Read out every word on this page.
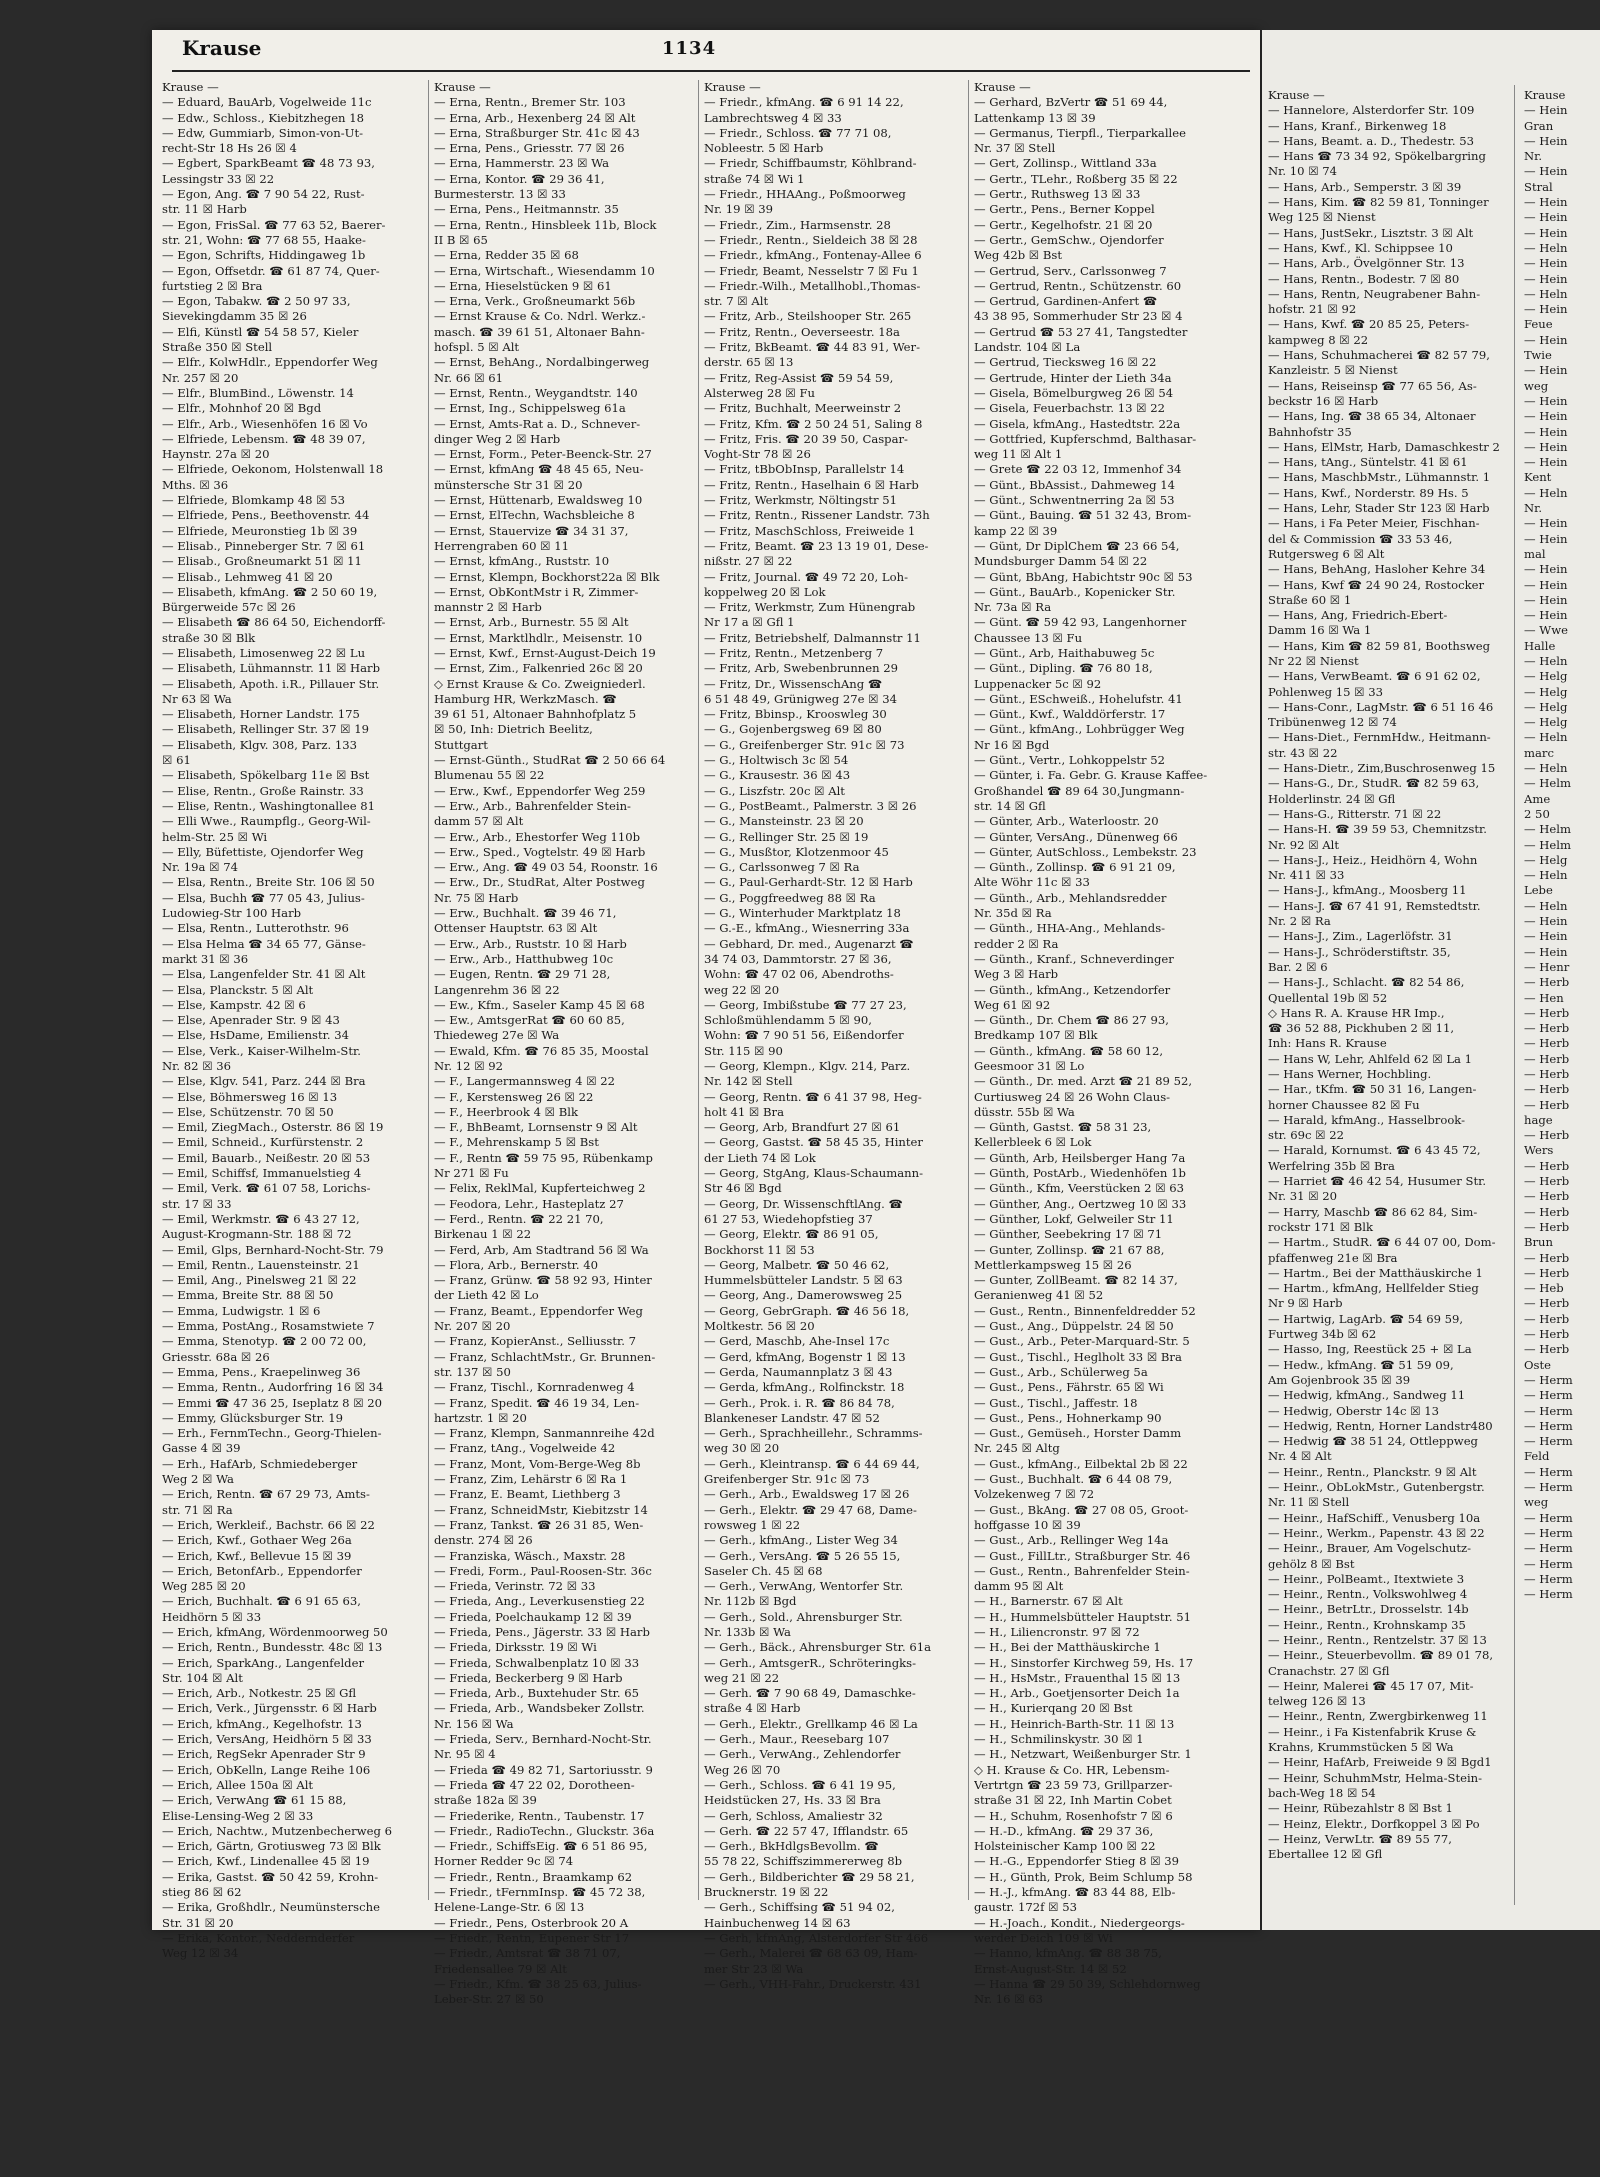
Krause	1134
Krause —
— Eduard, BauArb, Vogelweide 11c
— Edw., Schloss., Kiebitzhegen 18
— Edw, Gummiarb, Simon-von-Ut-
recht-Str 18 Hs 26 ☒ 4
— Egbert, SparkBeamt ☎ 48 73 93,
Lessingstr 33 ☒ 22
— Egon, Ang. ☎ 7 90 54 22, Rust-
str. 11 ☒ Harb
— Egon, FrisSal. ☎ 77 63 52, Baerer-
str. 21, Wohn: ☎ 77 68 55, Haake-
— Egon, Schrifts, Hiddingaweg 1b
— Egon, Offsetdr. ☎ 61 87 74, Quer-
furtstieg 2 ☒ Bra
— Egon, Tabakw. ☎ 2 50 97 33,
Sievekingdamm 35 ☒ 26
— Elfi, Künstl ☎ 54 58 57, Kieler
Straße 350 ☒ Stell
— Elfr., KolwHdlr., Eppendorfer Weg
Nr. 257 ☒ 20
— Elfr., BlumBind., Löwenstr. 14
— Elfr., Mohnhof 20 ☒ Bgd
— Elfr., Arb., Wiesenhöfen 16 ☒ Vo
— Elfriede, Lebensm. ☎ 48 39 07,
Haynstr. 27a ☒ 20
— Elfriede, Oekonom, Holstenwall 18
Mths. ☒ 36
— Elfriede, Blomkamp 48 ☒ 53
— Elfriede, Pens., Beethovenstr. 44
— Elfriede, Meuronstieg 1b ☒ 39
— Elisab., Pinneberger Str. 7 ☒ 61
— Elisab., Großneumarkt 51 ☒ 11
— Elisab., Lehmweg 41 ☒ 20
— Elisabeth, kfmAng. ☎ 2 50 60 19,
Bürgerweide 57c ☒ 26
— Elisabeth ☎ 86 64 50, Eichendorff-
straße 30 ☒ Blk
— Elisabeth, Limosenweg 22 ☒ Lu
— Elisabeth, Lühmannstr. 11 ☒ Harb
— Elisabeth, Apoth. i.R., Pillauer Str.
Nr 63 ☒ Wa
— Elisabeth, Horner Landstr. 175
— Elisabeth, Rellinger Str. 37 ☒ 19
— Elisabeth, Klgv. 308, Parz. 133
☒ 61
— Elisabeth, Spökelbarg 11e ☒ Bst
— Elise, Rentn., Große Rainstr. 33
— Elise, Rentn., Washingtonallee 81
— Elli Wwe., Raumpflg., Georg-Wil-
helm-Str. 25 ☒ Wi
— Elly, Büfettiste, Ojendorfer Weg
Nr. 19a ☒ 74
— Elsa, Rentn., Breite Str. 106 ☒ 50
— Elsa, Buchh ☎ 77 05 43, Julius-
Ludowieg-Str 100 Harb
— Elsa, Rentn., Lutterothstr. 96
— Elsa Helma ☎ 34 65 77, Gänse-
markt 31 ☒ 36
— Elsa, Langenfelder Str. 41 ☒ Alt
— Elsa, Planckstr. 5 ☒ Alt
— Else, Kampstr. 42 ☒ 6
— Else, Apenrader Str. 9 ☒ 43
— Else, HsDame, Emilienstr. 34
— Else, Verk., Kaiser-Wilhelm-Str.
Nr. 82 ☒ 36
— Else, Klgv. 541, Parz. 244 ☒ Bra
— Else, Böhmersweg 16 ☒ 13
— Else, Schützenstr. 70 ☒ 50
— Emil, ZiegMach., Osterstr. 86 ☒ 19
— Emil, Schneid., Kurfürstenstr. 2
— Emil, Bauarb., Neißestr. 20 ☒ 53
— Emil, Schiffsf, Immanuelstieg 4
— Emil, Verk. ☎ 61 07 58, Lorichs-
str. 17 ☒ 33
— Emil, Werkmstr. ☎ 6 43 27 12,
August-Krogmann-Str. 188 ☒ 72
— Emil, Glps, Bernhard-Nocht-Str. 79
— Emil, Rentn., Lauensteinstr. 21
— Emil, Ang., Pinelsweg 21 ☒ 22
— Emma, Breite Str. 88 ☒ 50
— Emma, Ludwigstr. 1 ☒ 6
— Emma, PostAng., Rosamstwiete 7
— Emma, Stenotyp. ☎ 2 00 72 00,
Griesstr. 68a ☒ 26
— Emma, Pens., Kraepelinweg 36
— Emma, Rentn., Audorfring 16 ☒ 34
— Emmi ☎ 47 36 25, Iseplatz 8 ☒ 20
— Emmy, Glücksburger Str. 19
— Erh., FernmTechn., Georg-Thielen-
Gasse 4 ☒ 39
— Erh., HafArb, Schmiedeberger
Weg 2 ☒ Wa
— Erich, Rentn. ☎ 67 29 73, Amts-
str. 71 ☒ Ra
— Erich, Werkleif., Bachstr. 66 ☒ 22
— Erich, Kwf., Gothaer Weg 26a
— Erich, Kwf., Bellevue 15 ☒ 39
— Erich, BetonfArb., Eppendorfer
Weg 285 ☒ 20
— Erich, Buchhalt. ☎ 6 91 65 63,
Heidhörn 5 ☒ 33
— Erich, kfmAng, Wördenmoorweg 50
— Erich, Rentn., Bundesstr. 48c ☒ 13
— Erich, SparkAng., Langenfelder
Str. 104 ☒ Alt
— Erich, Arb., Notkestr. 25 ☒ Gfl
— Erich, Verk., Jürgensstr. 6 ☒ Harb
— Erich, kfmAng., Kegelhofstr. 13
— Erich, VersAng, Heidhörn 5 ☒ 33
— Erich, RegSekr Apenrader Str 9
— Erich, ObKelln, Lange Reihe 106
— Erich, Allee 150a ☒ Alt
— Erich, VerwAng ☎ 61 15 88,
Elise-Lensing-Weg 2 ☒ 33
— Erich, Nachtw., Mutzenbecherweg 6
— Erich, Gärtn, Grotiusweg 73 ☒ Blk
— Erich, Kwf., Lindenallee 45 ☒ 19
— Erika, Gastst. ☎ 50 42 59, Krohn-
stieg 86 ☒ 62
— Erika, Großhdlr., Neumünstersche
Str. 31 ☒ 20
— Erika, Kontor., Neddernderfer
Weg 12 ☒ 34
Krause —
— Erna, Rentn., Bremer Str. 103
— Erna, Arb., Hexenberg 24 ☒ Alt
— Erna, Straßburger Str. 41c ☒ 43
— Erna, Pens., Griesstr. 77 ☒ 26
— Erna, Hammerstr. 23 ☒ Wa
— Erna, Kontor. ☎ 29 36 41,
Burmesterstr. 13 ☒ 33
— Erna, Pens., Heitmannstr. 35
— Erna, Rentn., Hinsbleek 11b, Block
II B ☒ 65
— Erna, Redder 35 ☒ 68
— Erna, Wirtschaft., Wiesendamm 10
— Erna, Hieselstücken 9 ☒ 61
— Erna, Verk., Großneumarkt 56b
— Ernst Krause & Co. Ndrl. Werkz.-
masch. ☎ 39 61 51, Altonaer Bahn-
hofspl. 5 ☒ Alt
— Ernst, BehAng., Nordalbingerweg
Nr. 66 ☒ 61
— Ernst, Rentn., Weygandtstr. 140
— Ernst, Ing., Schippelsweg 61a
— Ernst, Amts-Rat a. D., Schnever-
dinger Weg 2 ☒ Harb
— Ernst, Form., Peter-Beenck-Str. 27
— Ernst, kfmAng ☎ 48 45 65, Neu-
münstersche Str 31 ☒ 20
— Ernst, Hüttenarb, Ewaldsweg 10
— Ernst, ElTechn, Wachsbleiche 8
— Ernst, Stauervize ☎ 34 31 37,
Herrengraben 60 ☒ 11
— Ernst, kfmAng., Ruststr. 10
— Ernst, Klempn, Bockhorst22a ☒ Blk
— Ernst, ObKontMstr i R, Zimmer-
mannstr 2 ☒ Harb
— Ernst, Arb., Burnestr. 55 ☒ Alt
— Ernst, Marktlhdlr., Meisenstr. 10
— Ernst, Kwf., Ernst-August-Deich 19
— Ernst, Zim., Falkenried 26c ☒ 20
◇ Ernst Krause & Co. Zweigniederl.
Hamburg HR, WerkzMasch. ☎
39 61 51, Altonaer Bahnhofplatz 5
☒ 50, Inh: Dietrich Beelitz,
Stuttgart
— Ernst-Günth., StudRat ☎ 2 50 66 64
Blumenau 55 ☒ 22
— Erw., Kwf., Eppendorfer Weg 259
— Erw., Arb., Bahrenfelder Stein-
damm 57 ☒ Alt
— Erw., Arb., Ehestorfer Weg 110b
— Erw., Sped., Vogtelstr. 49 ☒ Harb
— Erw., Ang. ☎ 49 03 54, Roonstr. 16
— Erw., Dr., StudRat, Alter Postweg
Nr. 75 ☒ Harb
— Erw., Buchhalt. ☎ 39 46 71,
Ottenser Hauptstr. 63 ☒ Alt
— Erw., Arb., Ruststr. 10 ☒ Harb
— Erw., Arb., Hatthubweg 10c
— Eugen, Rentn. ☎ 29 71 28,
Langenrehm 36 ☒ 22
— Ew., Kfm., Saseler Kamp 45 ☒ 68
— Ew., AmtsgerRat ☎ 60 60 85,
Thiedeweg 27e ☒ Wa
— Ewald, Kfm. ☎ 76 85 35, Moostal
Nr. 12 ☒ 92
— F., Langermannsweg 4 ☒ 22
— F., Kerstensweg 26 ☒ 22
— F., Heerbrook 4 ☒ Blk
— F., BhBeamt, Lornsenstr 9 ☒ Alt
— F., Mehrenskamp 5 ☒ Bst
— F., Rentn ☎ 59 75 95, Rübenkamp
Nr 271 ☒ Fu
— Felix, ReklMal, Kupferteichweg 2
— Feodora, Lehr., Hasteplatz 27
— Ferd., Rentn. ☎ 22 21 70,
Birkenau 1 ☒ 22
— Ferd, Arb, Am Stadtrand 56 ☒ Wa
— Flora, Arb., Bernerstr. 40
— Franz, Grünw. ☎ 58 92 93, Hinter
der Lieth 42 ☒ Lo
— Franz, Beamt., Eppendorfer Weg
Nr. 207 ☒ 20
— Franz, KopierAnst., Selliusstr. 7
— Franz, SchlachtMstr., Gr. Brunnen-
str. 137 ☒ 50
— Franz, Tischl., Kornradenweg 4
— Franz, Spedit. ☎ 46 19 34, Len-
hartzstr. 1 ☒ 20
— Franz, Klempn, Sanmannreihe 42d
— Franz, tAng., Vogelweide 42
— Franz, Mont, Vom-Berge-Weg 8b
— Franz, Zim, Lehärstr 6 ☒ Ra 1
— Franz, E. Beamt, Liethberg 3
— Franz, SchneidMstr, Kiebitzstr 14
— Franz, Tankst. ☎ 26 31 85, Wen-
denstr. 274 ☒ 26
— Franziska, Wäsch., Maxstr. 28
— Fredi, Form., Paul-Roosen-Str. 36c
— Frieda, Verinstr. 72 ☒ 33
— Frieda, Ang., Leverkusenstieg 22
— Frieda, Poelchaukamp 12 ☒ 39
— Frieda, Pens., Jägerstr. 33 ☒ Harb
— Frieda, Dirksstr. 19 ☒ Wi
— Frieda, Schwalbenplatz 10 ☒ 33
— Frieda, Beckerberg 9 ☒ Harb
— Frieda, Arb., Buxtehuder Str. 65
— Frieda, Arb., Wandsbeker Zollstr.
Nr. 156 ☒ Wa
— Frieda, Serv., Bernhard-Nocht-Str.
Nr. 95 ☒ 4
— Frieda ☎ 49 82 71, Sartoriusstr. 9
— Frieda ☎ 47 22 02, Dorotheen-
straße 182a ☒ 39
— Friederike, Rentn., Taubenstr. 17
— Friedr., RadioTechn., Gluckstr. 36a
— Friedr., SchiffsEig. ☎ 6 51 86 95,
Horner Redder 9c ☒ 74
— Friedr., Rentn., Braamkamp 62
— Friedr., tFernmInsp. ☎ 45 72 38,
Helene-Lange-Str. 6 ☒ 13
— Friedr., Pens, Osterbrook 20 A
— Friedr., Rentn, Eupener Str 17
— Friedr., Amtsrat ☎ 38 71 07,
Friedensallee 79 ☒ Alt
— Friedr., Kfm. ☎ 38 25 63, Julius-
Leber-Str. 27 ☒ 50
Krause —
— Friedr., kfmAng. ☎ 6 91 14 22,
Lambrechtsweg 4 ☒ 33
— Friedr., Schloss. ☎ 77 71 08,
Nobleestr. 5 ☒ Harb
— Friedr, Schiffbaumstr, Köhlbrand-
straße 74 ☒ Wi 1
— Friedr., HHAAng., Poßmoorweg
Nr. 19 ☒ 39
— Friedr., Zim., Harmsenstr. 28
— Friedr., Rentn., Sieldeich 38 ☒ 28
— Friedr., kfmAng., Fontenay-Allee 6
— Friedr, Beamt, Nesselstr 7 ☒ Fu 1
— Friedr.-Wilh., Metallhobl.,Thomas-
str. 7 ☒ Alt
— Fritz, Arb., Steilshooper Str. 265
— Fritz, Rentn., Oeverseestr. 18a
— Fritz, BkBeamt. ☎ 44 83 91, Wer-
derstr. 65 ☒ 13
— Fritz, Reg-Assist ☎ 59 54 59,
Alsterweg 28 ☒ Fu
— Fritz, Buchhalt, Meerweinstr 2
— Fritz, Kfm. ☎ 2 50 24 51, Saling 8
— Fritz, Fris. ☎ 20 39 50, Caspar-
Voght-Str 78 ☒ 26
— Fritz, tBbObInsp, Parallelstr 14
— Fritz, Rentn., Haselhain 6 ☒ Harb
— Fritz, Werkmstr, Nöltingstr 51
— Fritz, Rentn., Rissener Landstr. 73h
— Fritz, MaschSchloss, Freiweide 1
— Fritz, Beamt. ☎ 23 13 19 01, Dese-
nißstr. 27 ☒ 22
— Fritz, Journal. ☎ 49 72 20, Loh-
koppelweg 20 ☒ Lok
— Fritz, Werkmstr, Zum Hünengrab
Nr 17 a ☒ Gfl 1
— Fritz, Betriebshelf, Dalmannstr 11
— Fritz, Rentn., Metzenberg 7
— Fritz, Arb, Swebenbrunnen 29
— Fritz, Dr., WissenschAng ☎
6 51 48 49, Grünigweg 27e ☒ 34
— Fritz, Bbinsp., Krooswleg 30
— G., Gojenbergsweg 69 ☒ 80
— G., Greifenberger Str. 91c ☒ 73
— G., Holtwisch 3c ☒ 54
— G., Krausestr. 36 ☒ 43
— G., Liszfstr. 20c ☒ Alt
— G., PostBeamt., Palmerstr. 3 ☒ 26
— G., Mansteinstr. 23 ☒ 20
— G., Rellinger Str. 25 ☒ 19
— G., Musßtor, Klotzenmoor 45
— G., Carlssonweg 7 ☒ Ra
— G., Paul-Gerhardt-Str. 12 ☒ Harb
— G., Poggfreedweg 88 ☒ Ra
— G., Winterhuder Marktplatz 18
— G.-E., kfmAng., Wiesnerring 33a
— Gebhard, Dr. med., Augenarzt ☎
34 74 03, Dammtorstr. 27 ☒ 36,
Wohn: ☎ 47 02 06, Abendroths-
weg 22 ☒ 20
— Georg, Imbißstube ☎ 77 27 23,
Schloßmühlendamm 5 ☒ 90,
Wohn: ☎ 7 90 51 56, Eißendorfer
Str. 115 ☒ 90
— Georg, Klempn., Klgv. 214, Parz.
Nr. 142 ☒ Stell
— Georg, Rentn. ☎ 6 41 37 98, Heg-
holt 41 ☒ Bra
— Georg, Arb, Brandfurt 27 ☒ 61
— Georg, Gastst. ☎ 58 45 35, Hinter
der Lieth 74 ☒ Lok
— Georg, StgAng, Klaus-Schaumann-
Str 46 ☒ Bgd
— Georg, Dr. WissenschftlAng. ☎
61 27 53, Wiedehopfstieg 37
— Georg, Elektr. ☎ 86 91 05,
Bockhorst 11 ☒ 53
— Georg, Malbetr. ☎ 50 46 62,
Hummelsbütteler Landstr. 5 ☒ 63
— Georg, Ang., Damerowsweg 25
— Georg, GebrGraph. ☎ 46 56 18,
Moltkestr. 56 ☒ 20
— Gerd, Maschb, Ahe-Insel 17c
— Gerd, kfmAng, Bogenstr 1 ☒ 13
— Gerda, Naumannplatz 3 ☒ 43
— Gerda, kfmAng., Rolfinckstr. 18
— Gerh., Prok. i. R. ☎ 86 84 78,
Blankeneser Landstr. 47 ☒ 52
— Gerh., Sprachheillehr., Schramms-
weg 30 ☒ 20
— Gerh., Kleintransp. ☎ 6 44 69 44,
Greifenberger Str. 91c ☒ 73
— Gerh., Arb., Ewaldsweg 17 ☒ 26
— Gerh., Elektr. ☎ 29 47 68, Dame-
rowsweg 1 ☒ 22
— Gerh., kfmAng., Lister Weg 34
— Gerh., VersAng. ☎ 5 26 55 15,
Saseler Ch. 45 ☒ 68
— Gerh., VerwAng, Wentorfer Str.
Nr. 112b ☒ Bgd
— Gerh., Sold., Ahrensburger Str.
Nr. 133b ☒ Wa
— Gerh., Bäck., Ahrensburger Str. 61a
— Gerh., AmtsgerR., Schröteringks-
weg 21 ☒ 22
— Gerh. ☎ 7 90 68 49, Damaschke-
straße 4 ☒ Harb
— Gerh., Elektr., Grellkamp 46 ☒ La
— Gerh., Maur., Reesebarg 107
— Gerh., VerwAng., Zehlendorfer
Weg 26 ☒ 70
— Gerh., Schloss. ☎ 6 41 19 95,
Heidstücken 27, Hs. 33 ☒ Bra
— Gerh, Schloss, Amaliestr 32
— Gerh. ☎ 22 57 47, Ifflandstr. 65
— Gerh., BkHdlgsBevollm. ☎
55 78 22, Schiffszimmererweg 8b
— Gerh., Bildberichter ☎ 29 58 21,
Brucknerstr. 19 ☒ 22
— Gerh., Schiffsing ☎ 51 94 02,
Hainbuchenweg 14 ☒ 63
— Gerh, kfmAng, Alsterdorfer Str 466
— Gerh., Malerei ☎ 68 63 09, Ham-
mer Str 23 ☒ Wa
— Gerh., VHH-Fahr., Druckerstr. 431
Krause —
— Gerhard, BzVertr ☎ 51 69 44,
Lattenkamp 13 ☒ 39
— Germanus, Tierpfl., Tierparkallee
Nr. 37 ☒ Stell
— Gert, Zollinsp., Wittland 33a
— Gertr., TLehr., Roßberg 35 ☒ 22
— Gertr., Ruthsweg 13 ☒ 33
— Gertr., Pens., Berner Koppel
— Gertr., Kegelhofstr. 21 ☒ 20
— Gertr., GemSchw., Ojendorfer
Weg 42b ☒ Bst
— Gertrud, Serv., Carlssonweg 7
— Gertrud, Rentn., Schützenstr. 60
— Gertrud, Gardinen-Anfert ☎
43 38 95, Sommerhuder Str 23 ☒ 4
— Gertrud ☎ 53 27 41, Tangstedter
Landstr. 104 ☒ La
— Gertrud, Tiecksweg 16 ☒ 22
— Gertrude, Hinter der Lieth 34a
— Gisela, Bömelburgweg 26 ☒ 54
— Gisela, Feuerbachstr. 13 ☒ 22
— Gisela, kfmAng., Hastedtstr. 22a
— Gottfried, Kupferschmd, Balthasar-
weg 11 ☒ Alt 1
— Grete ☎ 22 03 12, Immenhof 34
— Günt., BbAssist., Dahmeweg 14
— Günt., Schwentnerring 2a ☒ 53
— Günt., Bauing. ☎ 51 32 43, Brom-
kamp 22 ☒ 39
— Günt, Dr DiplChem ☎ 23 66 54,
Mundsburger Damm 54 ☒ 22
— Günt, BbAng, Habichtstr 90c ☒ 53
— Günt., BauArb., Kopenicker Str.
Nr. 73a ☒ Ra
— Günt. ☎ 59 42 93, Langenhorner
Chaussee 13 ☒ Fu
— Günt., Arb, Haithabuweg 5c
— Günt., Dipling. ☎ 76 80 18,
Luppenacker 5c ☒ 92
— Günt., ESchweiß., Hohelufstr. 41
— Günt., Kwf., Walddörferstr. 17
— Günt., kfmAng., Lohbrügger Weg
Nr 16 ☒ Bgd
— Günt., Vertr., Lohkoppelstr 52
— Günter, i. Fa. Gebr. G. Krause Kaffee-
Großhandel ☎ 89 64 30,Jungmann-
str. 14 ☒ Gfl
— Günter, Arb., Waterloostr. 20
— Günter, VersAng., Dünenweg 66
— Günter, AutSchloss., Lembekstr. 23
— Günth., Zollinsp. ☎ 6 91 21 09,
Alte Wöhr 11c ☒ 33
— Günth., Arb., Mehlandsredder
Nr. 35d ☒ Ra
— Günth., HHA-Ang., Mehlands-
redder 2 ☒ Ra
— Günth., Kranf., Schneverdinger
Weg 3 ☒ Harb
— Günth., kfmAng., Ketzendorfer
Weg 61 ☒ 92
— Günth., Dr. Chem ☎ 86 27 93,
Bredkamp 107 ☒ Blk
— Günth., kfmAng. ☎ 58 60 12,
Geesmoor 31 ☒ Lo
— Günth., Dr. med. Arzt ☎ 21 89 52,
Curtiusweg 24 ☒ 26 Wohn Claus-
düsstr. 55b ☒ Wa
— Günth, Gastst. ☎ 58 31 23,
Kellerbleek 6 ☒ Lok
— Günth, Arb, Heilsberger Hang 7a
— Günth, PostArb., Wiedenhöfen 1b
— Günth., Kfm, Veerstücken 2 ☒ 63
— Günther, Ang., Oertzweg 10 ☒ 33
— Günther, Lokf, Gelweiler Str 11
— Günther, Seebekring 17 ☒ 71
— Gunter, Zollinsp. ☎ 21 67 88,
Mettlerkampsweg 15 ☒ 26
— Gunter, ZollBeamt. ☎ 82 14 37,
Geranienweg 41 ☒ 52
— Gust., Rentn., Binnenfeldredder 52
— Gust., Ang., Düppelstr. 24 ☒ 50
— Gust., Arb., Peter-Marquard-Str. 5
— Gust., Tischl., Heglholt 33 ☒ Bra
— Gust., Arb., Schülerweg 5a
— Gust., Pens., Fährstr. 65 ☒ Wi
— Gust., Tischl., Jaffestr. 18
— Gust., Pens., Hohnerkamp 90
— Gust., Gemüseh., Horster Damm
Nr. 245 ☒ Altg
— Gust., kfmAng., Eilbektal 2b ☒ 22
— Gust., Buchhalt. ☎ 6 44 08 79,
Volzekenweg 7 ☒ 72
— Gust., BkAng. ☎ 27 08 05, Groot-
hoffgasse 10 ☒ 39
— Gust., Arb., Rellinger Weg 14a
— Gust., FillLtr., Straßburger Str. 46
— Gust., Rentn., Bahrenfelder Stein-
damm 95 ☒ Alt
— H., Barnerstr. 67 ☒ Alt
— H., Hummelsbütteler Hauptstr. 51
— H., Liliencronstr. 97 ☒ 72
— H., Bei der Matthäuskirche 1
— H., Sinstorfer Kirchweg 59, Hs. 17
— H., HsMstr., Frauenthal 15 ☒ 13
— H., Arb., Goetjensorter Deich 1a
— H., Kurierqang 20 ☒ Bst
— H., Heinrich-Barth-Str. 11 ☒ 13
— H., Schmilinskystr. 30 ☒ 1
— H., Netzwart, Weißenburger Str. 1
◇ H. Krause & Co. HR, Lebensm-
Vertrtgn ☎ 23 59 73, Grillparzer-
straße 31 ☒ 22, Inh Martin Cobet
— H., Schuhm, Rosenhofstr 7 ☒ 6
— H.-D., kfmAng. ☎ 29 37 36,
Holsteinischer Kamp 100 ☒ 22
— H.-G., Eppendorfer Stieg 8 ☒ 39
— H., Günth, Prok, Beim Schlump 58
— H.-J., kfmAng. ☎ 83 44 88, Elb-
gaustr. 172f ☒ 53
— H.-Joach., Kondit., Niedergeorgs-
werder Deich 109 ☒ Wi
— Hanno, kfmAng. ☎ 88 38 75,
Ernst-August-Str. 14 ☒ 52
— Hanna ☎ 29 50 39, Schlehdornweg
Nr. 16 ☒ 63
Krause —
— Hannelore, Alsterdorfer Str. 109
— Hans, Kranf., Birkenweg 18
— Hans, Beamt. a. D., Thedestr. 53
— Hans ☎ 73 34 92, Spökelbargring
Nr. 10 ☒ 74
— Hans, Arb., Semperstr. 3 ☒ 39
— Hans, Kim. ☎ 82 59 81, Tonninger
Weg 125 ☒ Nienst
— Hans, JustSekr., Lisztstr. 3 ☒ Alt
— Hans, Kwf., Kl. Schippsee 10
— Hans, Arb., Övelgönner Str. 13
— Hans, Rentn., Bodestr. 7 ☒ 80
— Hans, Rentn, Neugrabener Bahn-
hofstr. 21 ☒ 92
— Hans, Kwf. ☎ 20 85 25, Peters-
kampweg 8 ☒ 22
— Hans, Schuhmacherei ☎ 82 57 79,
Kanzleistr. 5 ☒ Nienst
— Hans, Reiseinsp ☎ 77 65 56, As-
beckstr 16 ☒ Harb
— Hans, Ing. ☎ 38 65 34, Altonaer
Bahnhofstr 35
— Hans, ElMstr, Harb, Damaschkestr 2
— Hans, tAng., Süntelstr. 41 ☒ 61
— Hans, MaschbMstr., Lühmannstr. 1
— Hans, Kwf., Norderstr. 89 Hs. 5
— Hans, Lehr, Stader Str 123 ☒ Harb
— Hans, i Fa Peter Meier, Fischhan-
del & Commission ☎ 33 53 46,
Rutgersweg 6 ☒ Alt
— Hans, BehAng, Hasloher Kehre 34
— Hans, Kwf ☎ 24 90 24, Rostocker
Straße 60 ☒ 1
— Hans, Ang, Friedrich-Ebert-
Damm 16 ☒ Wa 1
— Hans, Kim ☎ 82 59 81, Boothsweg
Nr 22 ☒ Nienst
— Hans, VerwBeamt. ☎ 6 91 62 02,
Pohlenweg 15 ☒ 33
— Hans-Conr., LagMstr. ☎ 6 51 16 46
Tribünenweg 12 ☒ 74
— Hans-Diet., FernmHdw., Heitmann-
str. 43 ☒ 22
— Hans-Dietr., Zim,Buschrosenweg 15
— Hans-G., Dr., StudR. ☎ 82 59 63,
Holderlinstr. 24 ☒ Gfl
— Hans-G., Ritterstr. 71 ☒ 22
— Hans-H. ☎ 39 59 53, Chemnitzstr.
Nr. 92 ☒ Alt
— Hans-J., Heiz., Heidhörn 4, Wohn
Nr. 411 ☒ 33
— Hans-J., kfmAng., Moosberg 11
— Hans-J. ☎ 67 41 91, Remstedtstr.
Nr. 2 ☒ Ra
— Hans-J., Zim., Lagerlöfstr. 31
— Hans-J., Schröderstiftstr. 35,
Bar. 2 ☒ 6
— Hans-J., Schlacht. ☎ 82 54 86,
Quellental 19b ☒ 52
◇ Hans R. A. Krause HR Imp.,
☎ 36 52 88, Pickhuben 2 ☒ 11,
Inh: Hans R. Krause
— Hans W, Lehr, Ahlfeld 62 ☒ La 1
— Hans Werner, Hochbling.
— Har., tKfm. ☎ 50 31 16, Langen-
horner Chaussee 82 ☒ Fu
— Harald, kfmAng., Hasselbrook-
str. 69c ☒ 22
— Harald, Kornumst. ☎ 6 43 45 72,
Werfelring 35b ☒ Bra
— Harriet ☎ 46 42 54, Husumer Str.
Nr. 31 ☒ 20
— Harry, Maschb ☎ 86 62 84, Sim-
rockstr 171 ☒ Blk
— Hartm., StudR. ☎ 6 44 07 00, Dom-
pfaffenweg 21e ☒ Bra
— Hartm., Bei der Matthäuskirche 1
— Hartm., kfmAng, Hellfelder Stieg
Nr 9 ☒ Harb
— Hartwig, LagArb. ☎ 54 69 59,
Furtweg 34b ☒ 62
— Hasso, Ing, Reestück 25 + ☒ La
— Hedw., kfmAng. ☎ 51 59 09,
Am Gojenbrook 35 ☒ 39
— Hedwig, kfmAng., Sandweg 11
— Hedwig, Oberstr 14c ☒ 13
— Hedwig, Rentn, Horner Landstr480
— Hedwig ☎ 38 51 24, Ottleppweg
Nr. 4 ☒ Alt
— Heinr., Rentn., Planckstr. 9 ☒ Alt
— Heinr., ObLokMstr., Gutenbergstr.
Nr. 11 ☒ Stell
— Heinr., HafSchiff., Venusberg 10a
— Heinr., Werkm., Papenstr. 43 ☒ 22
— Heinr., Brauer, Am Vogelschutz-
gehölz 8 ☒ Bst
— Heinr., PolBeamt., Itextwiete 3
— Heinr., Rentn., Volkswohlweg 4
— Heinr., BetrLtr., Drosselstr. 14b
— Heinr., Rentn., Krohnskamp 35
— Heinr., Rentn., Rentzelstr. 37 ☒ 13
— Heinr., Steuerbevollm. ☎ 89 01 78,
Cranachstr. 27 ☒ Gfl
— Heinr, Malerei ☎ 45 17 07, Mit-
telweg 126 ☒ 13
— Heinr., Rentn, Zwergbirkenweg 11
— Heinr., i Fa Kistenfabrik Kruse &
Krahns, Krummstücken 5 ☒ Wa
— Heinr, HafArb, Freiweide 9 ☒ Bgd1
— Heinr, SchuhmMstr, Helma-Stein-
bach-Weg 18 ☒ 54
— Heinr, Rübezahlstr 8 ☒ Bst 1
— Heinz, Elektr., Dorfkoppel 3 ☒ Po
— Heinz, VerwLtr. ☎ 89 55 77,
Ebertallee 12 ☒ Gfl
Krause
— Hein
Gran
— Hein
Nr.
— Hein
Stral
— Hein
— Hein
— Hein
— Heln
— Hein
— Hein
— Heln
— Hein
Feue
— Hein
Twie
— Hein
weg
— Hein
— Hein
— Hein
— Hein
— Hein
Kent
— Heln
Nr.
— Hein
— Hein
mal
— Hein
— Hein
— Hein
— Hein
— Wwe
Halle
— Heln
— Helg
— Helg
— Helg
— Helg
— Heln
marc
— Heln
— Helm
Ame
2 50
— Helm
— Helm
— Helg
— Heln
Lebe
— Heln
— Hein
— Hein
— Hein
— Henr
— Herb
— Hen
— Herb
— Herb
— Herb
— Herb
— Herb
— Herb
— Herb
hage
— Herb
Wers
— Herb
— Herb
— Herb
— Herb
— Herb
Brun
— Herb
— Herb
— Heb
— Herb
— Herb
— Herb
— Herb
Oste
— Herm
— Herm
— Herm
— Herm
— Herm
Feld
— Herm
— Herm
weg
— Herm
— Herm
— Herm
— Herm
— Herm
— Herm
